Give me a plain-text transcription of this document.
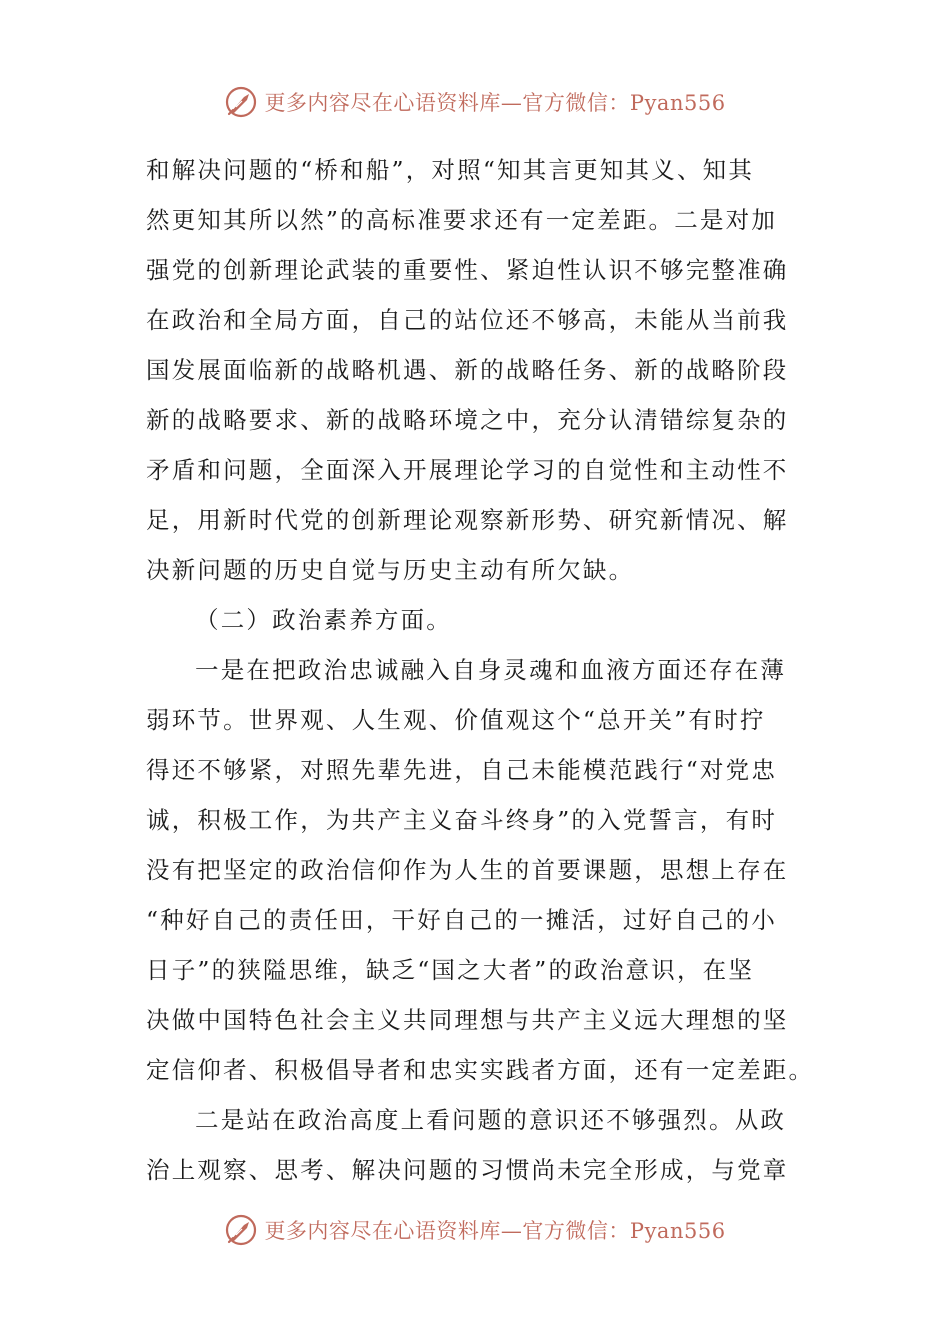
更多内容尽在心语资料库—官方微信：Pyan556
和解决问题的“桥和船”，对照“知其言更知其义、知其
然更知其所以然”的高标准要求还有一定差距。二是对加
强党的创新理论武装的重要性、紧迫性认识不够完整准确
在政治和全局方面，自己的站位还不够高，未能从当前我
国发展面临新的战略机遇、新的战略任务、新的战略阶段
新的战略要求、新的战略环境之中，充分认清错综复杂的
矛盾和问题，全面深入开展理论学习的自觉性和主动性不
足，用新时代党的创新理论观察新形势、研究新情况、解
决新问题的历史自觉与历史主动有所欠缺。
（二）政治素养方面。
一是在把政治忠诚融入自身灵魂和血液方面还存在薄
弱环节。世界观、人生观、价值观这个“总开关”有时拧
得还不够紧，对照先辈先进，自己未能模范践行“对党忠
诚，积极工作，为共产主义奋斗终身”的入党誓言，有时
没有把坚定的政治信仰作为人生的首要课题，思想上存在
“种好自己的责任田，干好自己的一摊活，过好自己的小
日子”的狭隘思维，缺乏“国之大者”的政治意识，在坚
决做中国特色社会主义共同理想与共产主义远大理想的坚
定信仰者、积极倡导者和忠实实践者方面，还有一定差距。
二是站在政治高度上看问题的意识还不够强烈。从政
治上观察、思考、解决问题的习惯尚未完全形成，与党章
更多内容尽在心语资料库—官方微信：Pyan556
